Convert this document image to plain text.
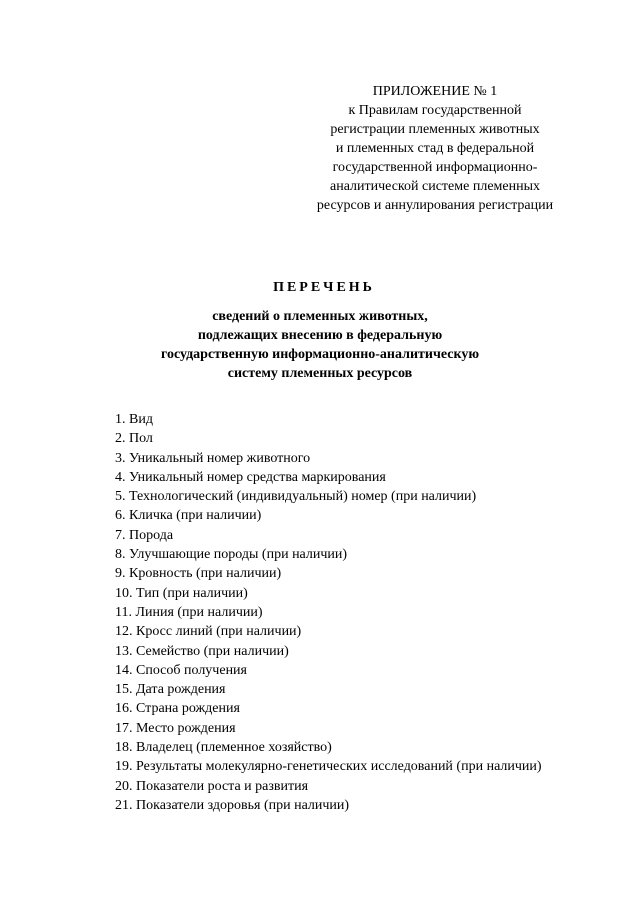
ПРИЛОЖЕНИЕ № 1
к Правилам государственной
регистрации племенных животных
и племенных стад в федеральной
государственной информационно-
аналитической системе племенных
ресурсов и аннулирования регистрации
ПЕРЕЧЕНЬ
сведений о племенных животных,
подлежащих внесению в федеральную
государственную информационно-аналитическую
систему племенных ресурсов
1. Вид
2. Пол
3. Уникальный номер животного
4. Уникальный номер средства маркирования
5. Технологический (индивидуальный) номер (при наличии)
6. Кличка (при наличии)
7. Порода
8. Улучшающие породы (при наличии)
9. Кровность (при наличии)
10. Тип (при наличии)
11. Линия (при наличии)
12. Кросс линий (при наличии)
13. Семейство (при наличии)
14. Способ получения
15. Дата рождения
16. Страна рождения
17. Место рождения
18. Владелец (племенное хозяйство)
19. Результаты молекулярно-генетических исследований (при наличии)
20. Показатели роста и развития
21. Показатели здоровья (при наличии)
